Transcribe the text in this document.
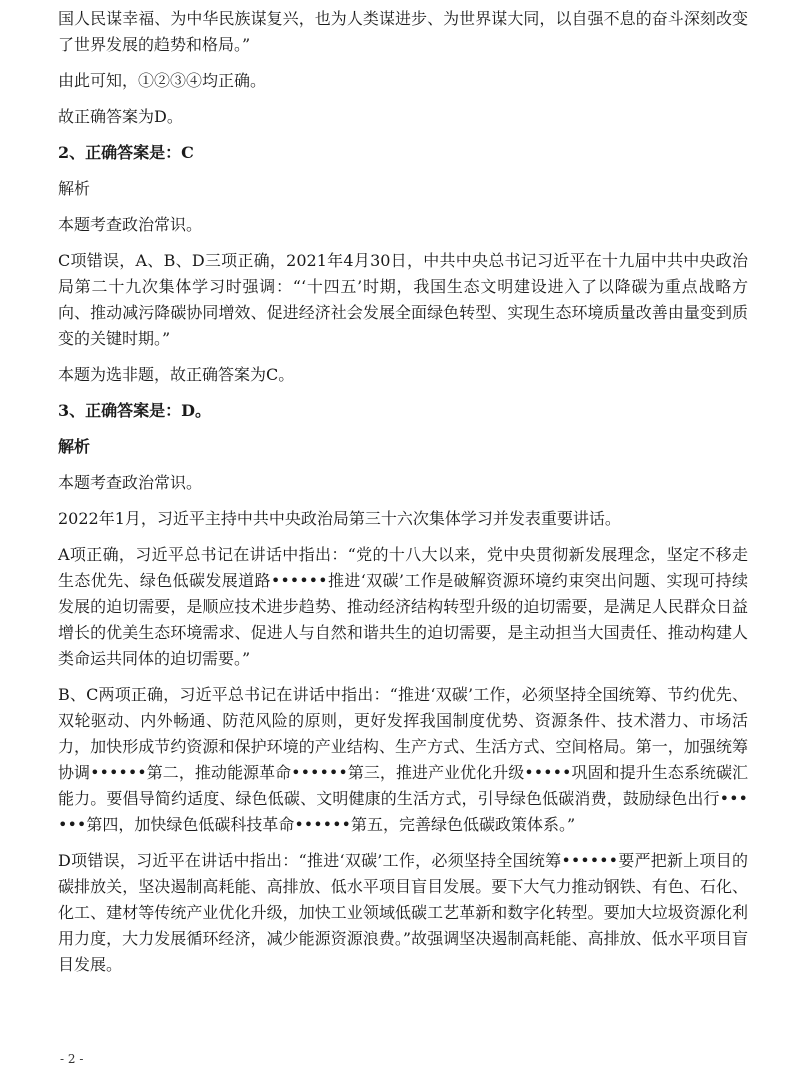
国人民谋幸福、为中华民族谋复兴，也为人类谋进步、为世界谋大同，以自强不息的奋斗深刻改变了世界发展的趋势和格局。”

由此可知，①②③④均正确。

故正确答案为D。

2、正确答案是：C

解析

本题考查政治常识。

C项错误，A、B、D三项正确，2021年4月30日，中共中央总书记习近平在十九届中共中央政治局第二十九次集体学习时强调：“‘十四五’时期，我国生态文明建设进入了以降碳为重点战略方向、推动减污降碳协同增效、促进经济社会发展全面绿色转型、实现生态环境质量改善由量变到质变的关键时期。”

本题为选非题，故正确答案为C。

3、正确答案是：D。

解析

本题考查政治常识。

2022年1月，习近平主持中共中央政治局第三十六次集体学习并发表重要讲话。

A项正确，习近平总书记在讲话中指出：“党的十八大以来，党中央贯彻新发展理念，坚定不移走生态优先、绿色低碳发展道路••••••推进‘双碳’工作是破解资源环境约束突出问题、实现可持续发展的迫切需要，是顺应技术进步趋势、推动经济结构转型升级的迫切需要，是满足人民群众日益增长的优美生态环境需求、促进人与自然和谐共生的迫切需要，是主动担当大国责任、推动构建人类命运共同体的迫切需要。”

B、C两项正确，习近平总书记在讲话中指出：“推进‘双碳’工作，必须坚持全国统筹、节约优先、双轮驱动、内外畅通、防范风险的原则，更好发挥我国制度优势、资源条件、技术潜力、市场活力，加快形成节约资源和保护环境的产业结构、生产方式、生活方式、空间格局。第一，加强统筹协调••••••第二，推动能源革命••••••第三，推进产业优化升级•••••巩固和提升生态系统碳汇能力。要倡导简约适度、绿色低碳、文明健康的生活方式，引导绿色低碳消费，鼓励绿色出行••••••第四，加快绿色低碳科技革命••••••第五，完善绿色低碳政策体系。”

D项错误，习近平在讲话中指出：“推进‘双碳’工作，必须坚持全国统筹••••••要严把新上项目的碳排放关，坚决遏制高耗能、高排放、低水平项目盲目发展。要下大气力推动钢铁、有色、石化、化工、建材等传统产业优化升级，加快工业领域低碳工艺革新和数字化转型。要加大垃圾资源化利用力度，大力发展循环经济，减少能源资源浪费。”故强调坚决遏制高耗能、高排放、低水平项目盲目发展。

- 2 -
